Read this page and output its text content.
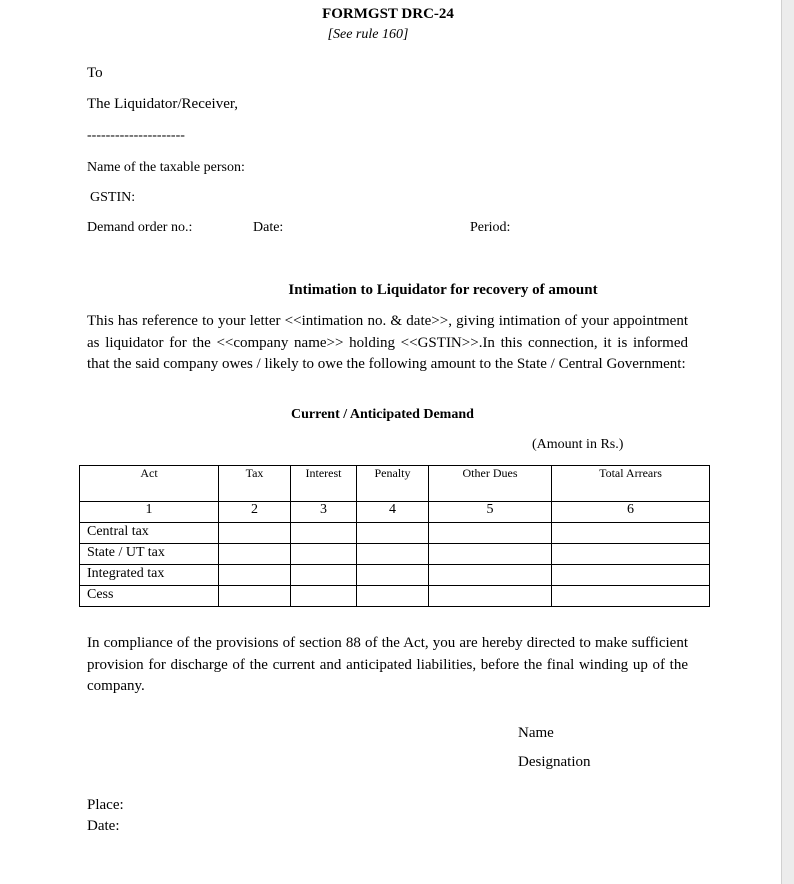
FORMGST DRC-24
[See rule 160]
To
The Liquidator/Receiver,
---------------------
Name of the taxable person:
GSTIN:
Demand order no.:	Date:	Period:
Intimation to Liquidator for recovery of amount
This has reference to your letter <<intimation no. & date>>, giving intimation of your appointment as liquidator for the <<company name>> holding <<GSTIN>>.In this connection, it is informed that the said company owes / likely to owe the following amount to the State / Central Government:
Current / Anticipated Demand
(Amount in Rs.)
Act	Tax	Interest	Penalty	Other Dues	Total Arrears
1	2	3	4	5	6
Central tax					
State / UT tax					
Integrated tax					
Cess					
In compliance of the provisions of section 88 of the Act, you are hereby directed to make sufficient provision for discharge of the current and anticipated liabilities, before the final winding up of the company.
Name
Designation
Place:
Date:
